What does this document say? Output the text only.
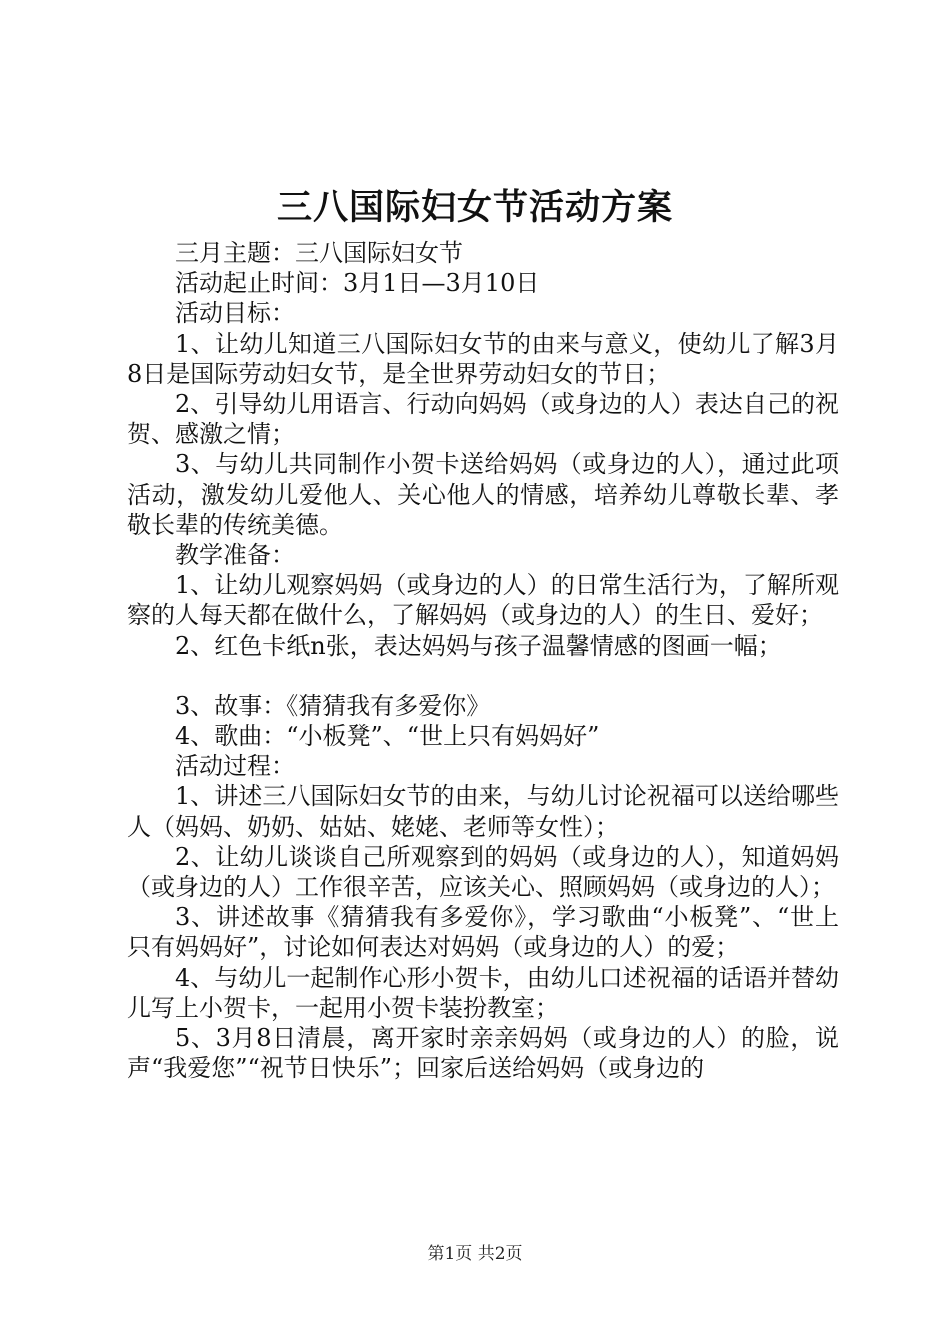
三八国际妇女节活动方案

三月主题：三八国际妇女节

活动起止时间：3月1日—3月10日

活动目标：

1、让幼儿知道三八国际妇女节的由来与意义，使幼儿了解3月8日是国际劳动妇女节，是全世界劳动妇女的节日；

2、引导幼儿用语言、行动向妈妈（或身边的人）表达自己的祝贺、感激之情；

3、与幼儿共同制作小贺卡送给妈妈（或身边的人），通过此项活动，激发幼儿爱他人、关心他人的情感，培养幼儿尊敬长辈、孝敬长辈的传统美德。

教学准备：

1、让幼儿观察妈妈（或身边的人）的日常生活行为，了解所观察的人每天都在做什么，了解妈妈（或身边的人）的生日、爱好；

2、红色卡纸n张，表达妈妈与孩子温馨情感的图画一幅；

3、故事：《猜猜我有多爱你》

4、歌曲：“小板凳”、“世上只有妈妈好”

活动过程：

1、讲述三八国际妇女节的由来，与幼儿讨论祝福可以送给哪些人（妈妈、奶奶、姑姑、姥姥、老师等女性）；

2、让幼儿谈谈自己所观察到的妈妈（或身边的人），知道妈妈（或身边的人）工作很辛苦，应该关心、照顾妈妈（或身边的人）；

3、讲述故事《猜猜我有多爱你》，学习歌曲“小板凳”、“世上只有妈妈好”，讨论如何表达对妈妈（或身边的人）的爱；

4、与幼儿一起制作心形小贺卡，由幼儿口述祝福的话语并替幼儿写上小贺卡，一起用小贺卡装扮教室；

5、3月8日清晨，离开家时亲亲妈妈（或身边的人）的脸，说声“我爱您”“祝节日快乐”；回家后送给妈妈（或身边的

第1页 共2页
